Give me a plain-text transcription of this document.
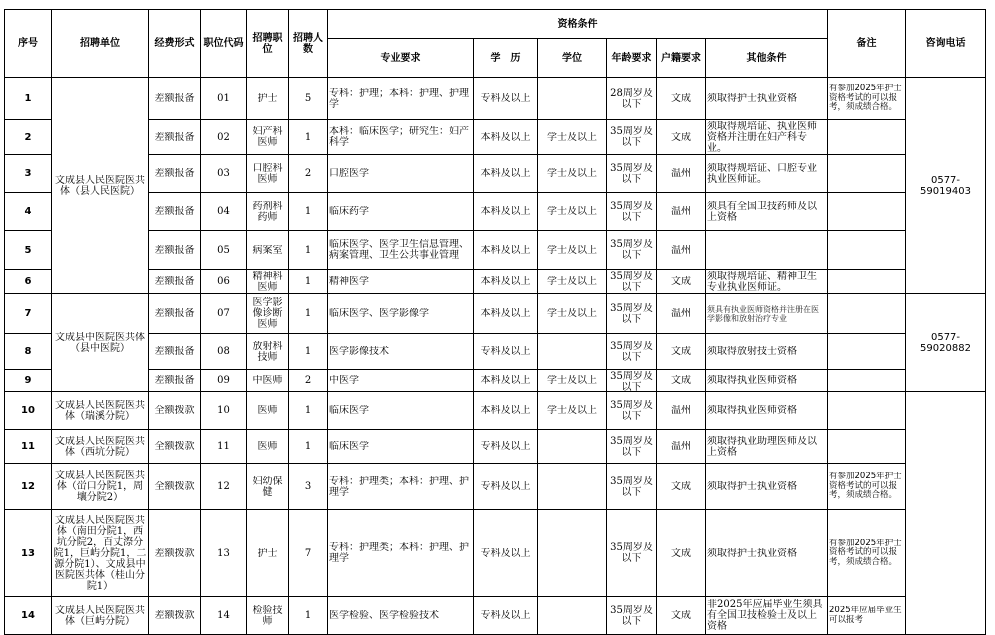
序号	招聘单位	经费形式	职位代码	招聘职位	招聘人数	资格条件						备注	咨询电话
						专业要求	学　历	学位	年龄要求	户籍要求	其他条件		

1	文成县人民医院医共体（县人民医院）	差额报备	01	护士	5	专科：护理；本科：护理、护理学	专科及以上		28周岁及以下	文成	须取得护士执业资格	有参加2025年护士资格考试的可以报考，须成绩合格。	0577-59019403

2		差额报备	02	妇产科医师	1	本科：临床医学；研究生：妇产科学	本科及以上	学士及以上	35周岁及以下	文成	须取得规培证、执业医师资格并注册在妇产科专业。		

3		差额报备	03	口腔科医师	2	口腔医学	本科及以上	学士及以上	35周岁及以下	温州	须取得规培证、口腔专业执业医师证。		

4		差额报备	04	药剂科药师	1	临床药学	本科及以上	学士及以上	35周岁及以下	温州	须具有全国卫技药师及以上资格		

5		差额报备	05	病案室	1	临床医学、医学卫生信息管理、病案管理、卫生公共事业管理	本科及以上	学士及以上	35周岁及以下	温州			

6		差额报备	06	精神科医师	1	精神医学	本科及以上	学士及以上	35周岁及以下	文成	须取得规培证、精神卫生专业执业医师证。		

7	文成县中医院医共体（县中医院）	差额报备	07	医学影像诊断医师	1	临床医学、医学影像学	本科及以上	学士及以上	35周岁及以下	温州	须具有执业医师资格并注册在医学影像和放射治疗专业		0577-59020882

8		差额报备	08	放射科技师	1	医学影像技术	专科及以上		35周岁及以下	文成	须取得放射技士资格		

9		差额报备	09	中医师	2	中医学	本科及以上	学士及以上	35周岁及以下	文成	须取得执业医师资格		

10	文成县人民医院医共体（瑞溪分院）	全额拨款	10	医师	1	临床医学	本科及以上	学士及以上	35周岁及以下	温州	须取得执业医师资格		

11	文成县人民医院医共体（西坑分院）	全额拨款	11	医师	1	临床医学	专科及以上		35周岁及以下	温州	须取得执业助理医师及以上资格		

12	文成县人民医院医共体（峃口分院1，周壤分院2）	全额拨款	12	妇幼保健	3	专科：护理类；本科：护理、护理学	专科及以上		35周岁及以下	文成	须取得护士执业资格	有参加2025年护士资格考试的可以报考，须成绩合格。	

13	文成县人民医院医共体（南田分院1，西坑分院2，百丈漈分院1，巨屿分院1，二源分院1）、文成县中医院医共体（桂山分院1）	差额拨款	13	护士	7	专科：护理类；本科：护理、护理学	专科及以上		35周岁及以下	文成	须取得护士执业资格	有参加2025年护士资格考试的可以报考，须成绩合格。	

14	文成县人民医院医共体（巨屿分院）	差额拨款	14	检验技师	1	医学检验、医学检验技术	专科及以上		35周岁及以下	文成	非2025年应届毕业生须具有全国卫技检验士及以上资格	2025年应届毕业生可以报考	
